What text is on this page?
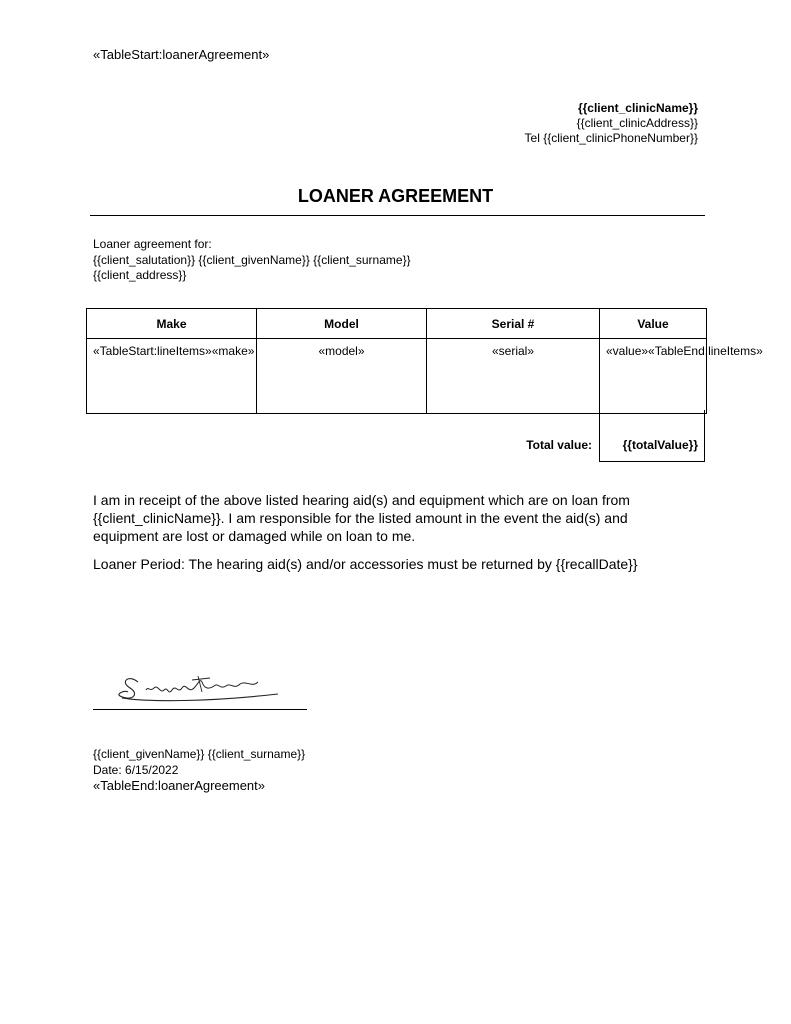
«TableStart:loanerAgreement»
{{client_clinicName}}
{{client_clinicAddress}}
Tel {{client_clinicPhoneNumber}}
LOANER AGREEMENT
Loaner agreement for:
{{client_salutation}} {{client_givenName}} {{client_surname}}
{{client_address}}
Make	Model	Serial #	Value
«TableStart:lineItems»«make»	«model»	«serial»	«value»«TableEnd:lineItems»
Total value:	{{totalValue}}
I am in receipt of the above listed hearing aid(s) and equipment which are on loan from {{client_clinicName}}. I am responsible for the listed amount in the event the aid(s) and equipment are lost or damaged while on loan to me.
Loaner Period: The hearing aid(s) and/or accessories must be returned by {{recallDate}}
{{client_givenName}} {{client_surname}}
Date: 6/15/2022
«TableEnd:loanerAgreement»
